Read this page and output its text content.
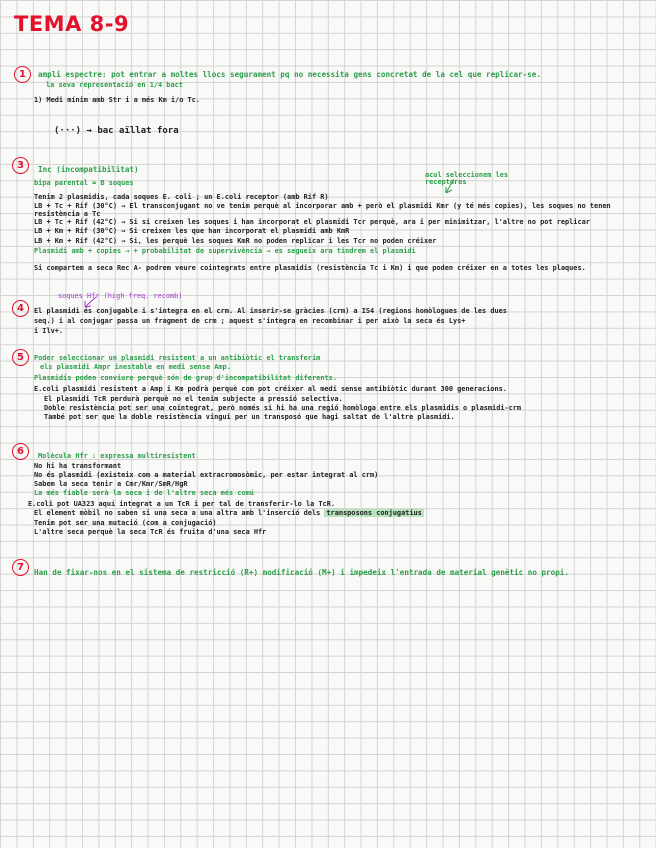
TEMA 8-9
1	ampli espectre: pot entrar a moltes llocs segurament pq no necessita gens concretat de la cel que replicar-se.
la seva representació en 1/4 bact
1) Medi mínim amb Str i a més Km i/o Tc.
(···) → bac aïllat fora
3	Inc (incompatibilitat)
bipa parental = B soques
acul seleccionem les receptores
Tenim 2 plasmidis, cada soques E. coli ; un E.coli receptor (amb Rif R)
LB + Tc + Rif (30°C) → El transconjugant no ve tenim perquè al incorporar amb + però el plasmidi Kmr (y té més copies), les soques no tenen resistència a Tc
LB + Tc + Rif (42°C) → Si sí creixen les soques i han incorporat el plasmidi Tcr perquè, ara i per minimitzar, l'altre no pot replicar
LB + Km + Rif (30°C) → Si creixen les que han incorporat el plasmidi amb KmR
LB + Km + Rif (42°C) → Si, les perquè les soques KmR no poden replicar i les Tcr no poden créixer
Plasmidi amb + copies → + probabilitat de supervivència → es segueix ara tindrem el plasmidi
Si compartem a seca Rec A- podrem veure cointegrats entre plasmidis (resistència Tc i Km) i que poden créixer en a totes les plaques.
soques Hfr (high freq. recomb)
4	El plasmidi és conjugable i s'integra en el crm. Al inserir-se gràcies (crm) a IS4 (regions homòlogues de les dues
seq.) i al conjugar passa un fragment de crm ; aquest s'integra en recombinar i per això la seca és Lys+
i Ilv+.
5	Poder seleccionar un plasmidi resistent a un antibiòtic el transferim
els plasmidi Ampr inestable en medi sense Amp.
Plasmidis poden conviure perquè són de grup d'incompatibilitat diferents.
E.coli plasmidi resistent a Amp i Km podrà perquè com pot créixer al medi sense antibiòtic durant 300 generacions.
El plasmidi TcR perdurà perquè no el tenim subjecte a pressió selectiva.
Doble resistència pot ser una cointegrat, però només si hi ha una regió homòloga entre els plasmidis o plasmidi-crm
També pot ser que la doble resistència vingui per un transposó que hagi saltat de l'altre plasmidi.
6	Molècula Hfr : expressa multiresistent
No hi ha transformant
No és plasmidi (existeix com a material extracromosòmic, per estar integrat al crm)
Sabem la seca tenir a Cmr/Kmr/SmR/HgR
La més fiable serà la seca i de l'altre seca més comú
E.coli pot UA323 aquí integrat a un TcR i per tal de transferir-lo la TcR.
El element mòbil no saben si una seca a una altra amb l'inserció dels transposons conjugatius
Tenim pot ser una mutació (com a conjugació)
L'altre seca perquè la seca TcR és fruita d'una seca Hfr
7	Han de fixar-nos en el sistema de restricció (R+) modificació (M+) i impedeix l'entrada de material genètic no propi.
